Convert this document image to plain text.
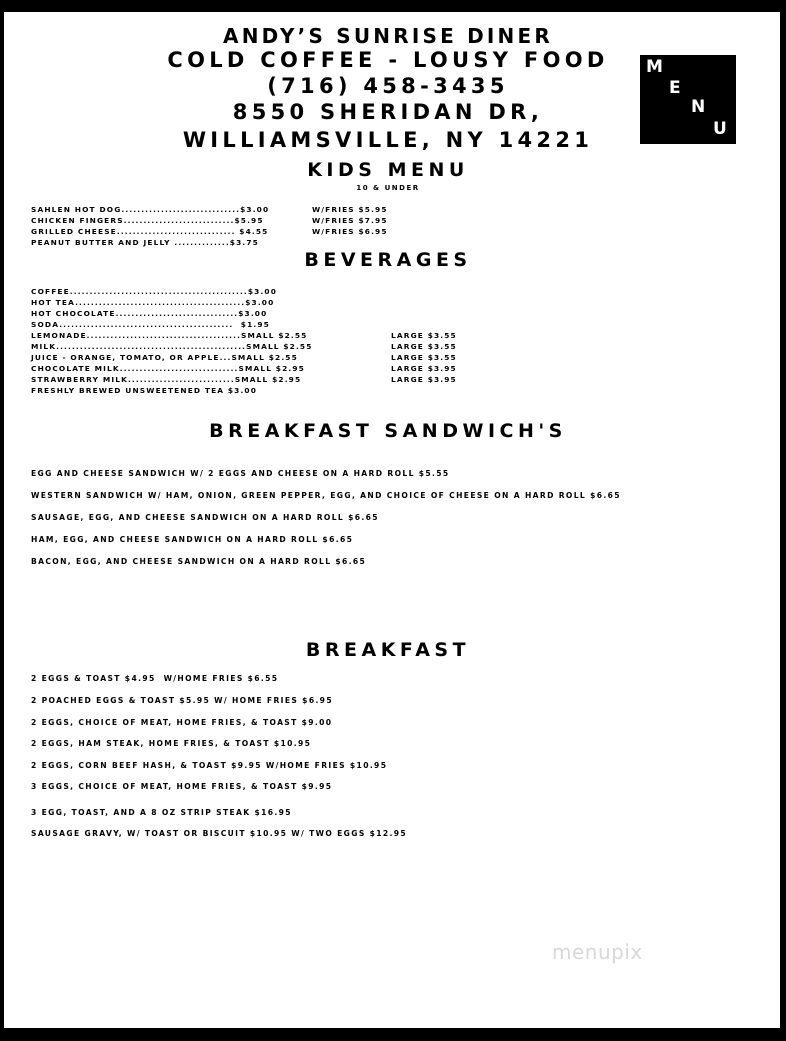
ANDY’S SUNRISE DINER
COLD COFFEE - LOUSY FOOD
(716) 458-3435
8550 SHERIDAN DR,
WILLIAMSVILLE, NY 14221
M
E
N
U
KIDS MENU
10 & UNDER
SAHLEN HOT DOG..............................$3.00	W/FRIES $5.95
CHICKEN FINGERS............................$5.95	W/FRIES $7.95
GRILLED CHEESE.............................. $4.55	W/FRIES $6.95
PEANUT BUTTER AND JELLY ..............$3.75
BEVERAGES
COFFEE.............................................$3.00
HOT TEA...........................................$3.00
HOT CHOCOLATE...............................$3.00
SODA............................................  $1.95
LEMONADE.......................................SMALL $2.55	LARGE $3.55
MILK................................................SMALL $2.55	LARGE $3.55
JUICE - ORANGE, TOMATO, OR APPLE...SMALL $2.55	LARGE $3.55
CHOCOLATE MILK..............................SMALL $2.95	LARGE $3.95
STRAWBERRY MILK...........................SMALL $2.95	LARGE $3.95
FRESHLY BREWED UNSWEETENED TEA $3.00
BREAKFAST SANDWICH'S
EGG AND CHEESE SANDWICH W/ 2 EGGS AND CHEESE ON A HARD ROLL $5.55
WESTERN SANDWICH W/ HAM, ONION, GREEN PEPPER, EGG, AND CHOICE OF CHEESE ON A HARD ROLL $6.65
SAUSAGE, EGG, AND CHEESE SANDWICH ON A HARD ROLL $6.65
HAM, EGG, AND CHEESE SANDWICH ON A HARD ROLL $6.65
BACON, EGG, AND CHEESE SANDWICH ON A HARD ROLL $6.65
BREAKFAST
2 EGGS & TOAST $4.95  W/HOME FRIES $6.55
2 POACHED EGGS & TOAST $5.95 W/ HOME FRIES $6.95
2 EGGS, CHOICE OF MEAT, HOME FRIES, & TOAST $9.00
2 EGGS, HAM STEAK, HOME FRIES, & TOAST $10.95
2 EGGS, CORN BEEF HASH, & TOAST $9.95 W/HOME FRIES $10.95
3 EGGS, CHOICE OF MEAT, HOME FRIES, & TOAST $9.95
3 EGG, TOAST, AND A 8 OZ STRIP STEAK $16.95
SAUSAGE GRAVY, W/ TOAST OR BISCUIT $10.95 W/ TWO EGGS $12.95
menupix
